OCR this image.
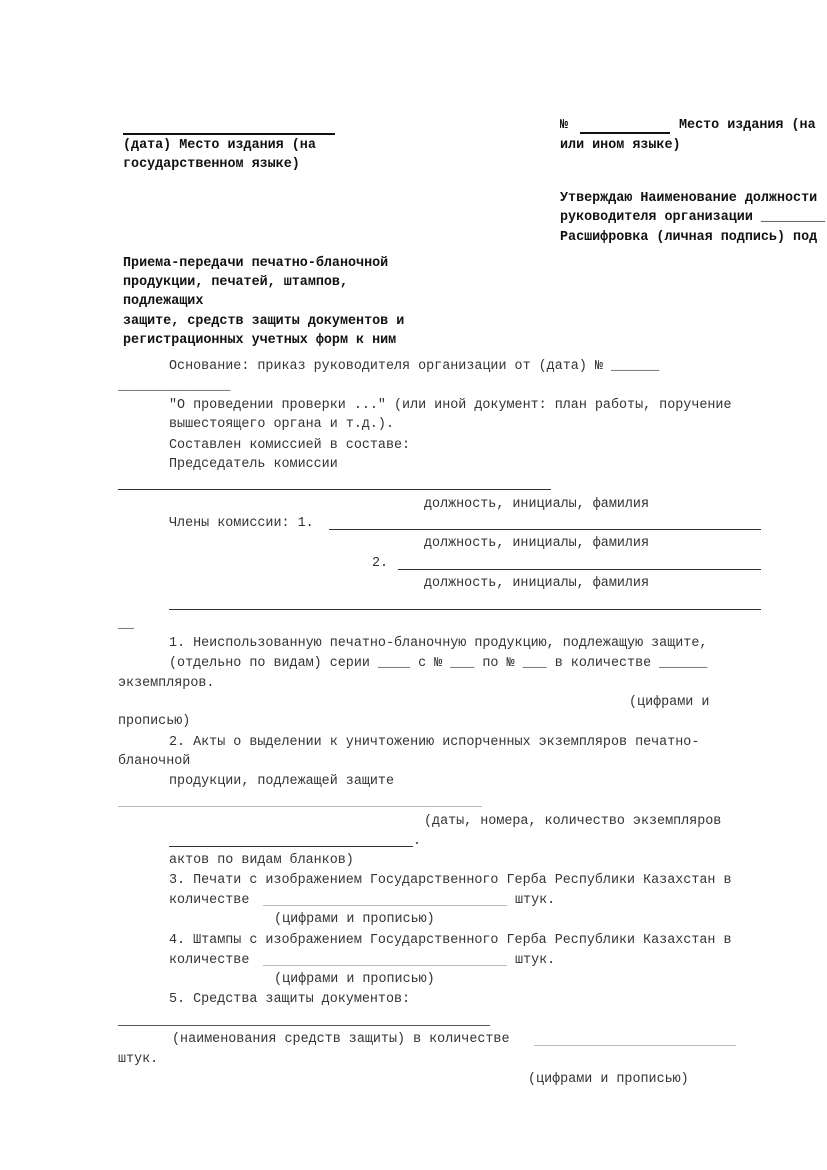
(дата) Место издания (на
государственном языке)
№	Место издания (на
или ином языке)
Утверждаю Наименование должности
руководителя организации ________
Расшифровка (личная подпись) под
Приема-передачи печатно-бланочной
продукции, печатей, штампов,
подлежащих
защите, средств защиты документов и
регистрационных учетных форм к ним
Основание: приказ руководителя организации от (дата) № ______
______________
"О проведении проверки ..." (или иной документ: план работы, поручение
вышестоящего органа и т.д.).
Составлен комиссией в составе:
Председатель комиссии
должность, инициалы, фамилия
Члены комиссии: 1.
должность, инициалы, фамилия
2.
должность, инициалы, фамилия
__
1. Неиспользованную печатно-бланочную продукцию, подлежащую защите,
(отдельно по видам) серии ____ с № ___ по № ___ в количестве ______
экземпляров.
(цифрами и
прописью)
2. Акты о выделении к уничтожению испорченных экземпляров печатно-
бланочной
продукции, подлежащей защите
(даты, номера, количество экземпляров
.
актов по видам бланков)
3. Печати с изображением Государственного Герба Республики Казахстан в
количестве	штук.
(цифрами и прописью)
4. Штампы с изображением Государственного Герба Республики Казахстан в
количестве	штук.
(цифрами и прописью)
5. Средства защиты документов:
(наименования средств защиты) в количестве
штук.
(цифрами и прописью)
